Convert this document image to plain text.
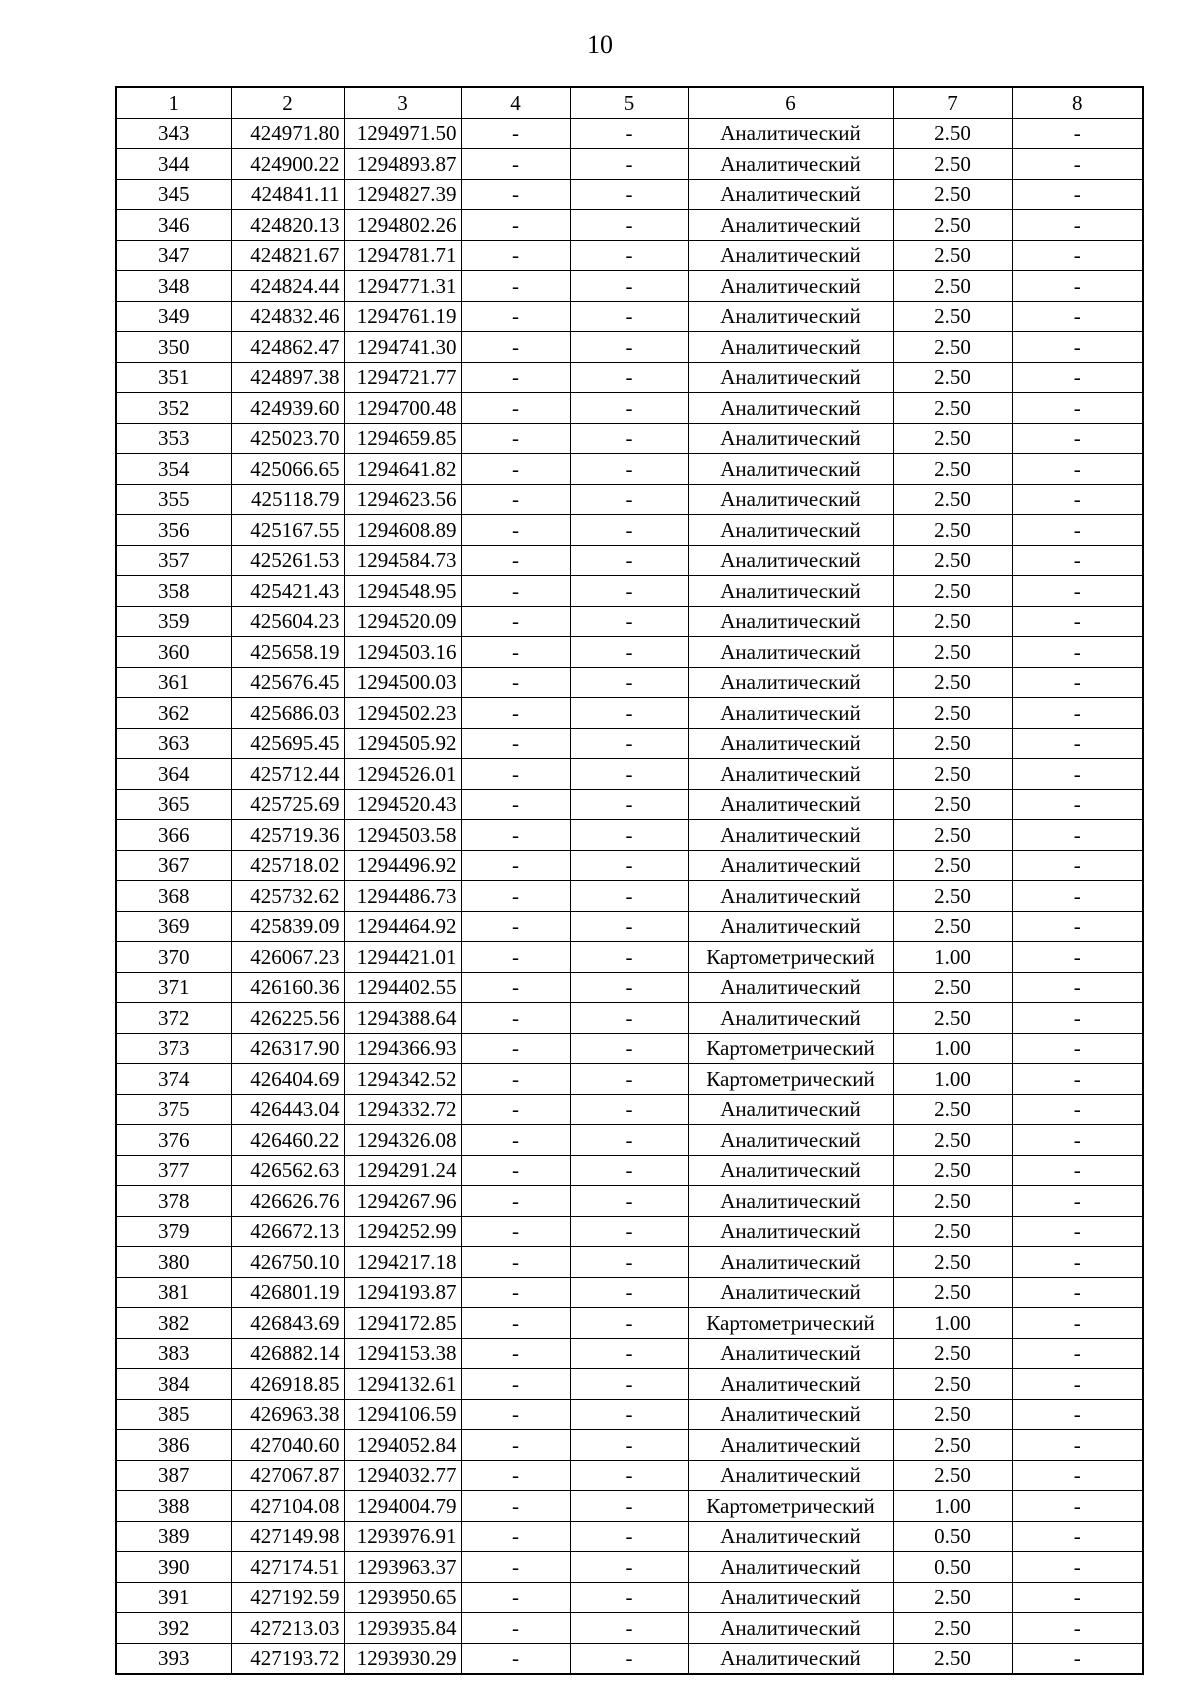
10
1	2	3	4	5	6	7	8
343	424971.80	1294971.50	-	-	Аналитический	2.50	-
344	424900.22	1294893.87	-	-	Аналитический	2.50	-
345	424841.11	1294827.39	-	-	Аналитический	2.50	-
346	424820.13	1294802.26	-	-	Аналитический	2.50	-
347	424821.67	1294781.71	-	-	Аналитический	2.50	-
348	424824.44	1294771.31	-	-	Аналитический	2.50	-
349	424832.46	1294761.19	-	-	Аналитический	2.50	-
350	424862.47	1294741.30	-	-	Аналитический	2.50	-
351	424897.38	1294721.77	-	-	Аналитический	2.50	-
352	424939.60	1294700.48	-	-	Аналитический	2.50	-
353	425023.70	1294659.85	-	-	Аналитический	2.50	-
354	425066.65	1294641.82	-	-	Аналитический	2.50	-
355	425118.79	1294623.56	-	-	Аналитический	2.50	-
356	425167.55	1294608.89	-	-	Аналитический	2.50	-
357	425261.53	1294584.73	-	-	Аналитический	2.50	-
358	425421.43	1294548.95	-	-	Аналитический	2.50	-
359	425604.23	1294520.09	-	-	Аналитический	2.50	-
360	425658.19	1294503.16	-	-	Аналитический	2.50	-
361	425676.45	1294500.03	-	-	Аналитический	2.50	-
362	425686.03	1294502.23	-	-	Аналитический	2.50	-
363	425695.45	1294505.92	-	-	Аналитический	2.50	-
364	425712.44	1294526.01	-	-	Аналитический	2.50	-
365	425725.69	1294520.43	-	-	Аналитический	2.50	-
366	425719.36	1294503.58	-	-	Аналитический	2.50	-
367	425718.02	1294496.92	-	-	Аналитический	2.50	-
368	425732.62	1294486.73	-	-	Аналитический	2.50	-
369	425839.09	1294464.92	-	-	Аналитический	2.50	-
370	426067.23	1294421.01	-	-	Картометрический	1.00	-
371	426160.36	1294402.55	-	-	Аналитический	2.50	-
372	426225.56	1294388.64	-	-	Аналитический	2.50	-
373	426317.90	1294366.93	-	-	Картометрический	1.00	-
374	426404.69	1294342.52	-	-	Картометрический	1.00	-
375	426443.04	1294332.72	-	-	Аналитический	2.50	-
376	426460.22	1294326.08	-	-	Аналитический	2.50	-
377	426562.63	1294291.24	-	-	Аналитический	2.50	-
378	426626.76	1294267.96	-	-	Аналитический	2.50	-
379	426672.13	1294252.99	-	-	Аналитический	2.50	-
380	426750.10	1294217.18	-	-	Аналитический	2.50	-
381	426801.19	1294193.87	-	-	Аналитический	2.50	-
382	426843.69	1294172.85	-	-	Картометрический	1.00	-
383	426882.14	1294153.38	-	-	Аналитический	2.50	-
384	426918.85	1294132.61	-	-	Аналитический	2.50	-
385	426963.38	1294106.59	-	-	Аналитический	2.50	-
386	427040.60	1294052.84	-	-	Аналитический	2.50	-
387	427067.87	1294032.77	-	-	Аналитический	2.50	-
388	427104.08	1294004.79	-	-	Картометрический	1.00	-
389	427149.98	1293976.91	-	-	Аналитический	0.50	-
390	427174.51	1293963.37	-	-	Аналитический	0.50	-
391	427192.59	1293950.65	-	-	Аналитический	2.50	-
392	427213.03	1293935.84	-	-	Аналитический	2.50	-
393	427193.72	1293930.29	-	-	Аналитический	2.50	-
